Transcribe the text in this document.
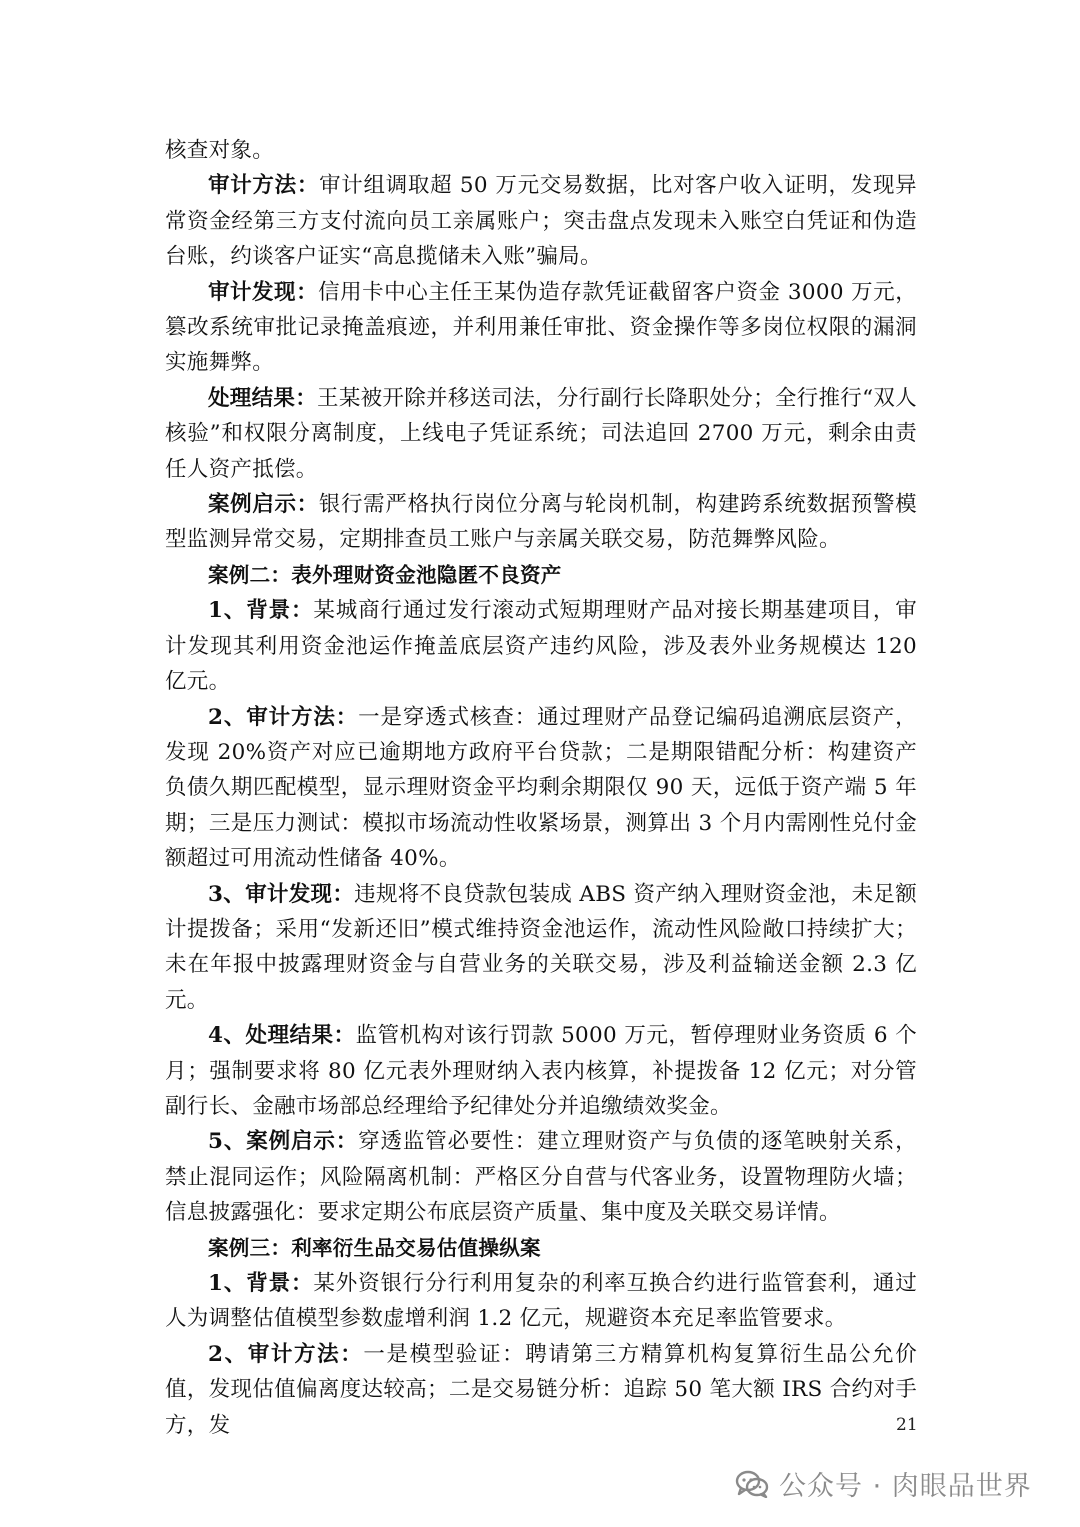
核查对象。

审计方法：审计组调取超 50 万元交易数据，比对客户收入证明，发现异常资金经第三方支付流向员工亲属账户；突击盘点发现未入账空白凭证和伪造台账，约谈客户证实“高息揽储未入账”骗局。

审计发现：信用卡中心主任王某伪造存款凭证截留客户资金 3000 万元，篡改系统审批记录掩盖痕迹，并利用兼任审批、资金操作等多岗位权限的漏洞实施舞弊。

处理结果：王某被开除并移送司法，分行副行长降职处分；全行推行“双人核验”和权限分离制度，上线电子凭证系统；司法追回 2700 万元，剩余由责任人资产抵偿。

案例启示：银行需严格执行岗位分离与轮岗机制，构建跨系统数据预警模型监测异常交易，定期排查员工账户与亲属关联交易，防范舞弊风险。

案例二：表外理财资金池隐匿不良资产

1、背景：某城商行通过发行滚动式短期理财产品对接长期基建项目，审计发现其利用资金池运作掩盖底层资产违约风险，涉及表外业务规模达 120 亿元。

2、审计方法：一是穿透式核查：通过理财产品登记编码追溯底层资产，发现 20%资产对应已逾期地方政府平台贷款；二是期限错配分析：构建资产负债久期匹配模型，显示理财资金平均剩余期限仅 90 天，远低于资产端 5 年期；三是压力测试：模拟市场流动性收紧场景，测算出 3 个月内需刚性兑付金额超过可用流动性储备 40%。

3、审计发现：违规将不良贷款包装成 ABS 资产纳入理财资金池，未足额计提拨备；采用“发新还旧”模式维持资金池运作，流动性风险敞口持续扩大；未在年报中披露理财资金与自营业务的关联交易，涉及利益输送金额 2.3 亿元。

4、处理结果：监管机构对该行罚款 5000 万元，暂停理财业务资质 6 个月；强制要求将 80 亿元表外理财纳入表内核算，补提拨备 12 亿元；对分管副行长、金融市场部总经理给予纪律处分并追缴绩效奖金。

5、案例启示：穿透监管必要性：建立理财资产与负债的逐笔映射关系，禁止混同运作；风险隔离机制：严格区分自营与代客业务，设置物理防火墙；信息披露强化：要求定期公布底层资产质量、集中度及关联交易详情。

案例三：利率衍生品交易估值操纵案

1、背景：某外资银行分行利用复杂的利率互换合约进行监管套利，通过人为调整估值模型参数虚增利润 1.2 亿元，规避资本充足率监管要求。

2、审计方法：一是模型验证：聘请第三方精算机构复算衍生品公允价值，发现估值偏离度达较高；二是交易链分析：追踪 50 笔大额 IRS 合约对手方，发	21
公众号 · 肉眼品世界
